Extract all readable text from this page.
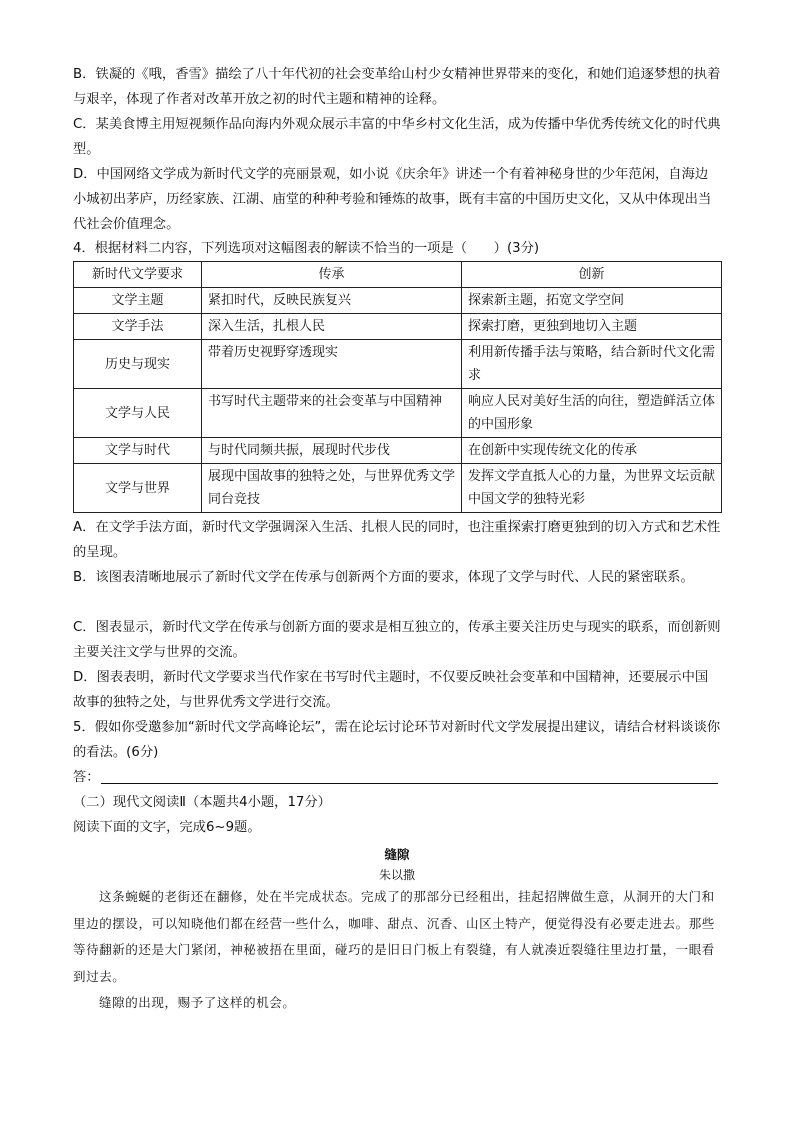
B．铁凝的《哦，香雪》描绘了八十年代初的社会变革给山村少女精神世界带来的变化，和她们追逐梦想的执着与艰辛，体现了作者对改革开放之初的时代主题和精神的诠释。

C．某美食博主用短视频作品向海内外观众展示丰富的中华乡村文化生活，成为传播中华优秀传统文化的时代典型。

D．中国网络文学成为新时代文学的亮丽景观，如小说《庆余年》讲述一个有着神秘身世的少年范闲，自海边小城初出茅庐，历经家族、江湖、庙堂的种种考验和锤炼的故事，既有丰富的中国历史文化，又从中体现出当代社会价值理念。

4．根据材料二内容，下列选项对这幅图表的解读不恰当的一项是（　　）(3分)

新时代文学要求	传承	创新
文学主题	紧扣时代，反映民族复兴	探索新主题，拓宽文学空间
文学手法	深入生活，扎根人民	探索打磨，更独到地切入主题
历史与现实	带着历史视野穿透现实	利用新传播手法与策略，结合新时代文化需求
文学与人民	书写时代主题带来的社会变革与中国精神	响应人民对美好生活的向往，塑造鲜活立体的中国形象
文学与时代	与时代同频共振，展现时代步伐	在创新中实现传统文化的传承
文学与世界	展现中国故事的独特之处，与世界优秀文学同台竞技	发挥文学直抵人心的力量，为世界文坛贡献中国文学的独特光彩

A．在文学手法方面，新时代文学强调深入生活、扎根人民的同时，也注重探索打磨更独到的切入方式和艺术性的呈现。

B．该图表清晰地展示了新时代文学在传承与创新两个方面的要求，体现了文学与时代、人民的紧密联系。

C．图表显示，新时代文学在传承与创新方面的要求是相互独立的，传承主要关注历史与现实的联系，而创新则主要关注文学与世界的交流。

D．图表表明，新时代文学要求当代作家在书写时代主题时，不仅要反映社会变革和中国精神，还要展示中国故事的独特之处，与世界优秀文学进行交流。

5．假如你受邀参加“新时代文学高峰论坛”，需在论坛讨论环节对新时代文学发展提出建议，请结合材料谈谈你的看法。(6分)

答：

（二）现代文阅读Ⅱ（本题共4小题，17分）

阅读下面的文字，完成6~9题。

缝隙
朱以撒

这条蜿蜒的老街还在翻修，处在半完成状态。完成了的那部分已经租出，挂起招牌做生意，从洞开的大门和里边的摆设，可以知晓他们都在经营一些什么，咖啡、甜点、沉香、山区土特产，便觉得没有必要走进去。那些等待翻新的还是大门紧闭，神秘被捂在里面，碰巧的是旧日门板上有裂缝，有人就凑近裂缝往里边打量，一眼看到过去。

缝隙的出现，赐予了这样的机会。
